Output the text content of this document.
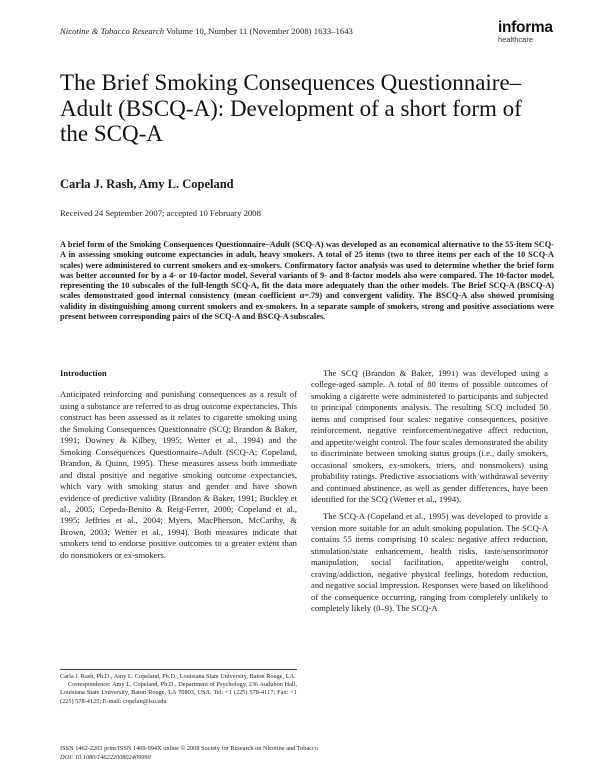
Nicotine & Tobacco Research Volume 10, Number 11 (November 2008) 1633–1643	informa
healthcare
The Brief Smoking Consequences Questionnaire–Adult (BSCQ-A): Development of a short form of the SCQ-A
Carla J. Rash, Amy L. Copeland
Received 24 September 2007; accepted 10 February 2008

A brief form of the Smoking Consequences Questionnaire–Adult (SCQ-A) was developed as an economical alternative to the 55-item SCQ-A in assessing smoking outcome expectancies in adult, heavy smokers. A total of 25 items (two to three items per each of the 10 SCQ-A scales) were administered to current smokers and ex-smokers. Confirmatory factor analysis was used to determine whether the brief form was better accounted for by a 4- or 10-factor model. Several variants of 9- and 8-factor models also were compared. The 10-factor model, representing the 10 subscales of the full-length SCQ-A, fit the data more adequately than the other models. The Brief SCQ-A (BSCQ-A) scales demonstrated good internal consistency (mean coefficient α=.79) and convergent validity. The BSCQ-A also showed promising validity in distinguishing among current smokers and ex-smokers. In a separate sample of smokers, strong and positive associations were present between corresponding pairs of the SCQ-A and BSCQ-A subscales.

Introduction

Anticipated reinforcing and punishing consequences as a result of using a substance are referred to as drug outcome expectancies. This construct has been assessed as it relates to cigarette smoking using the Smoking Consequences Questionnaire (SCQ; Brandon & Baker, 1991; Downey & Kilbey, 1995; Wetter et al., 1994) and the Smoking Consequences Questionnaire–Adult (SCQ-A; Copeland, Brandon, & Quinn, 1995). These measures assess both immediate and distal positive and negative smoking outcome expectancies, which vary with smoking status and gender and have shown evidence of predictive validity (Brandon & Baker, 1991; Buckley et al., 2005; Cepeda-Benito & Reig-Ferrer, 2000; Copeland et al., 1995; Jeffries et al., 2004; Myers, MacPherson, McCarthy, & Brown, 2003; Wetter et al., 1994). Both measures indicate that smokers tend to endorse positive outcomes to a greater extent than do nonsmokers or ex-smokers.

The SCQ (Brandon & Baker, 1991) was developed using a college-aged sample. A total of 80 items of possible outcomes of smoking a cigarette were administered to participants and subjected to principal components analysis. The resulting SCQ included 50 items and comprised four scales: negative consequences, positive reinforcement, negative reinforcement/negative affect reduction, and appetite/weight control. The four scales demonstrated the ability to discriminate between smoking status groups (i.e., daily smokers, occasional smokers, ex-smokers, triers, and nonsmokers) using probability ratings. Predictive associations with withdrawal severity and continued abstinence, as well as gender differences, have been identified for the SCQ (Wetter et al., 1994).

The SCQ-A (Copeland et al., 1995) was developed to provide a version more suitable for an adult smoking population. The SCQ-A contains 55 items comprising 10 scales: negative affect reduction, stimulation/state enhancement, health risks, taste/sensorimotor manipulation, social facilitation, appetite/weight control, craving/addiction, negative physical feelings, boredom reduction, and negative social impression. Responses were based on likelihood of the consequence occurring, ranging from completely unlikely to completely likely (0–9). The SCQ-A

Carla J. Rash, Ph.D., Amy L. Copeland, Ph.D., Louisiana State University, Baton Rouge, LA.

Correspondence: Amy L. Copeland, Ph.D., Department of Psychology, 236 Audubon Hall, Louisiana State University, Baton Rouge, LA 70803, USA. Tel: +1 (225) 578-4117; Fax: +1 (225) 578-4125; E-mail: copelan@lsu.edu

ISSN 1462-2203 print/ISSN 1469-994X online © 2008 Society for Research on Nicotine and Tobacco
DOI: 10.1080/14622200802409990
